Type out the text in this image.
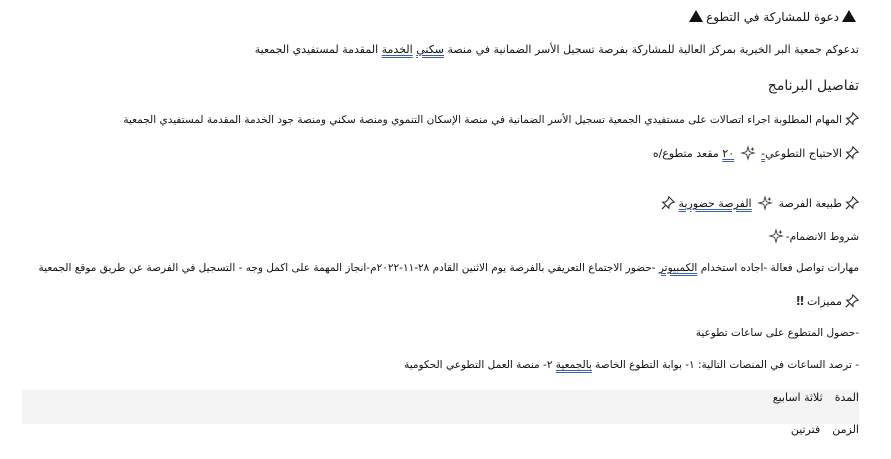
دعوة للمشاركة في التطوع
تدعوكم جمعية البر الخيرية بمركز العالية للمشاركة بفرصة تسجيل الأسر الضمانية في منصة سكني الخدمة المقدمة لمستفيدي الجمعية
تفاصيل البرنامج
المهام المطلوبة اجراء اتصالات على مستفيدي الجمعية تسجيل الأسر الضمانية في منصة الإسكان التنموي ومنصة سكني ومنصة جود الخدمة المقدمة لمستفيدي الجمعية
الاحتياج التطوعي-  ٢٠ مقعد متطوع/ه
طبيعة الفرصة  الفرصة حضورية
شروط الانضمام-
مهارات تواصل فعالة -اجاده استخدام الكمبيوتر -حضور الاجتماع التعريفي بالفرصة يوم الاثنين القادم ٢٨-١١-٢٠٢٢م-انجاز المهمة على اكمل وجه - التسجيل في الفرصة عن طريق موقع الجمعية
مميزات‼
-حصول المتطوع على ساعات تطوعية
- ترصد الساعات في المنصات التالية: ١- بوابة التطوع الخاصة بالجمعية ٢- منصة العمل التطوعي الحكومية
المدةثلاثة اسابيع
الزمنفترتين
